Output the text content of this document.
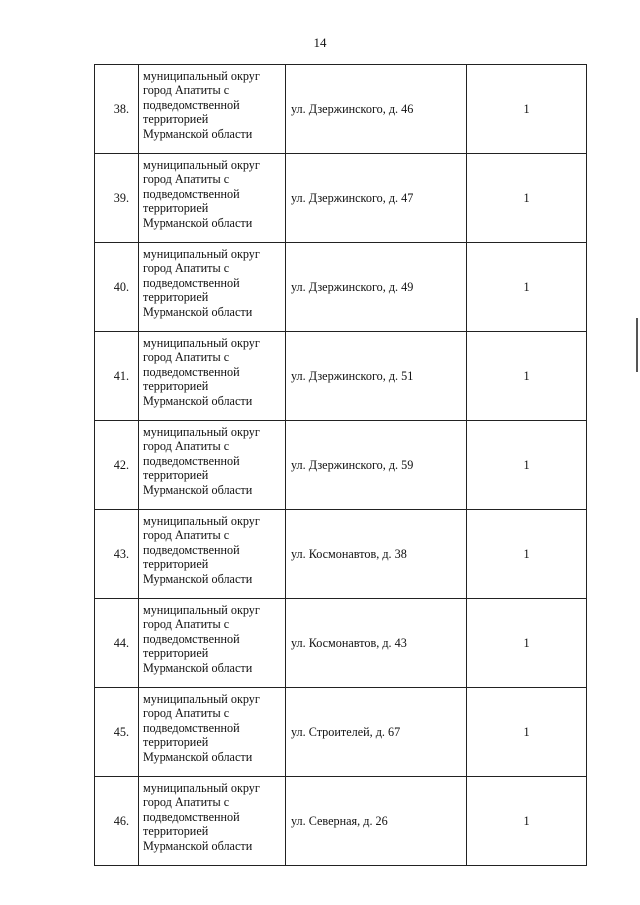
14
38.	муниципальный округ
город Апатиты с
подведомственной
территорией
Мурманской области	ул. Дзержинского, д. 46	1
39.	муниципальный округ
город Апатиты с
подведомственной
территорией
Мурманской области	ул. Дзержинского, д. 47	1
40.	муниципальный округ
город Апатиты с
подведомственной
территорией
Мурманской области	ул. Дзержинского, д. 49	1
41.	муниципальный округ
город Апатиты с
подведомственной
территорией
Мурманской области	ул. Дзержинского, д. 51	1
42.	муниципальный округ
город Апатиты с
подведомственной
территорией
Мурманской области	ул. Дзержинского, д. 59	1
43.	муниципальный округ
город Апатиты с
подведомственной
территорией
Мурманской области	ул. Космонавтов, д. 38	1
44.	муниципальный округ
город Апатиты с
подведомственной
территорией
Мурманской области	ул. Космонавтов, д. 43	1
45.	муниципальный округ
город Апатиты с
подведомственной
территорией
Мурманской области	ул. Строителей, д. 67	1
46.	муниципальный округ
город Апатиты с
подведомственной
территорией
Мурманской области	ул. Северная, д. 26	1
